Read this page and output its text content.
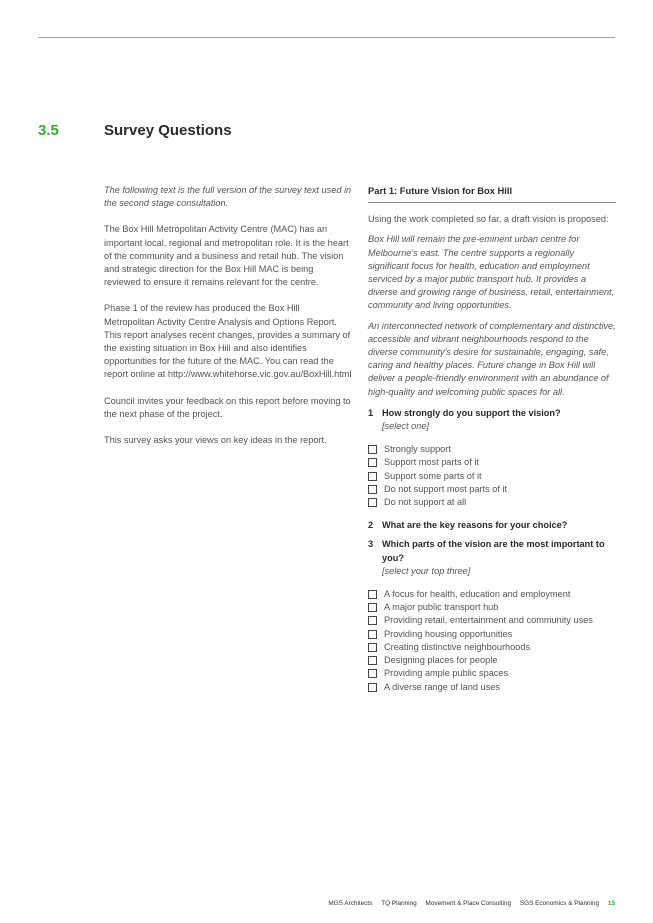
3.5	Survey Questions

The following text is the full version of the survey text used in the second stage consultation.

The Box Hill Metropolitan Activity Centre (MAC) has an important local, regional and metropolitan role. It is the heart of the community and a business and retail hub. The vision and strategic direction for the Box Hill MAC is being reviewed to ensure it remains relevant for the centre.

Phase 1 of the review has produced the Box Hill Metropolitan Activity Centre Analysis and Options Report. This report analyses recent changes, provides a summary of the existing situation in Box Hill and also identifies opportunities for the future of the MAC. You can read the report online at http://www.whitehorse.vic.gov.au/BoxHill.html

Council invites your feedback on this report before moving to the next phase of the project.

This survey asks your views on key ideas in the report.

Part 1: Future Vision for Box Hill

Using the work completed so far, a draft vision is proposed:

Box Hill will remain the pre-eminent urban centre for Melbourne's east. The centre supports a regionally significant focus for health, education and employment serviced by a major public transport hub. It provides a diverse and growing range of business, retail, entertainment, community and living opportunities.

An interconnected network of complementary and distinctive, accessible and vibrant neighbourhoods respond to the diverse community's desire for sustainable, engaging, safe, caring and healthy places. Future change in Box Hill will deliver a people-friendly environment with an abundance of high-quality and welcoming public spaces for all.

1 How strongly do you support the vision?
[select one]
Strongly support
Support most parts of it
Support some parts of it
Do not support most parts of it
Do not support at all
2 What are the key reasons for your choice?
3 Which parts of the vision are the most important to you?
[select your top three]
A focus for health, education and employment
A major public transport hub
Providing retail, entertainment and community uses
Providing housing opportunities
Creating distinctive neighbourhoods
Designing places for people
Providing ample public spaces
A diverse range of land uses
MGS Architects TQ Planning Movement & Place Consulting SGS Economics & Planning 15
